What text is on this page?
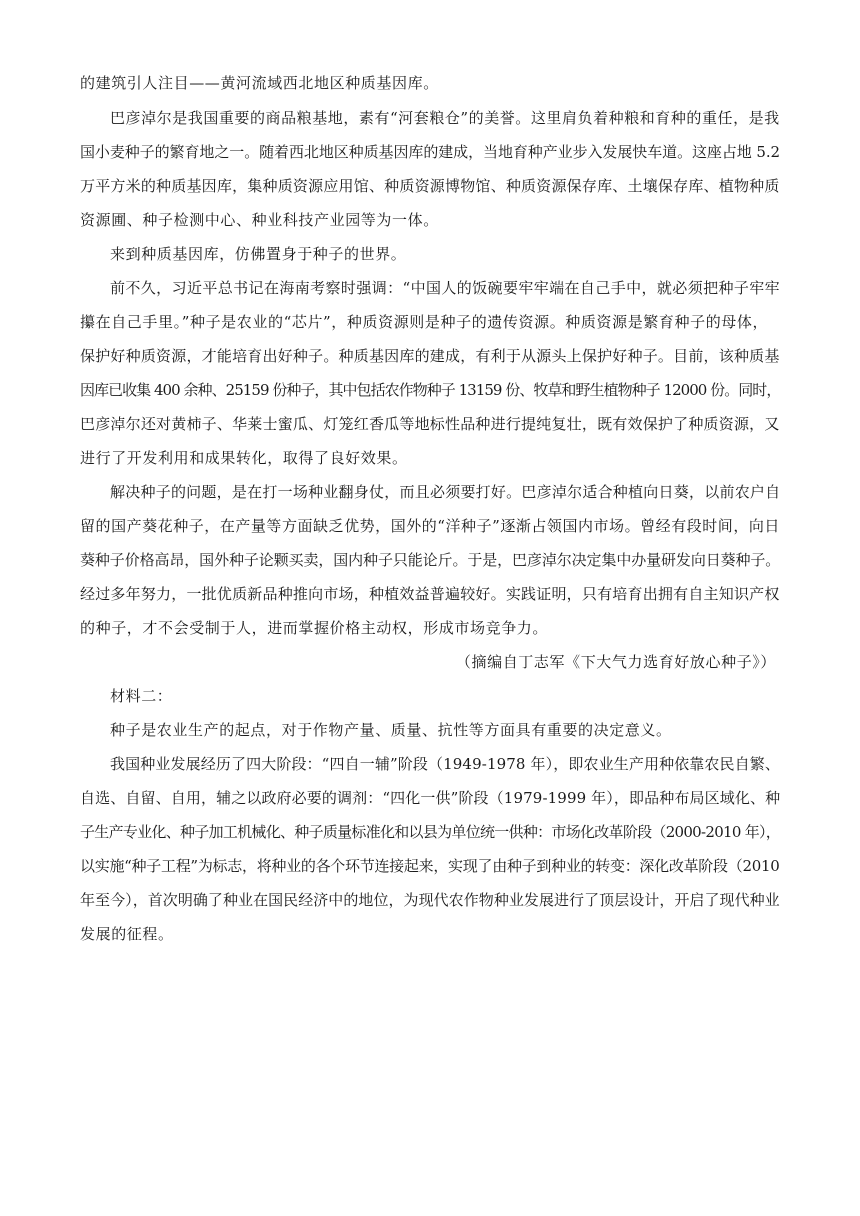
的建筑引人注目——黄河流域西北地区种质基因库。
巴彦淖尔是我国重要的商品粮基地，素有“河套粮仓”的美誉。这里肩负着种粮和育种的重任，是我
国小麦种子的繁育地之一。随着西北地区种质基因库的建成，当地育种产业步入发展快车道。这座占地 5.2
万平方米的种质基因库，集种质资源应用馆、种质资源博物馆、种质资源保存库、土壤保存库、植物种质
资源圃、种子检测中心、种业科技产业园等为一体。
来到种质基因库，仿佛置身于种子的世界。
前不久，习近平总书记在海南考察时强调：“中国人的饭碗要牢牢端在自己手中，就必须把种子牢牢
攥在自己手里。”种子是农业的“芯片”，种质资源则是种子的遗传资源。种质资源是繁育种子的母体，
保护好种质资源，才能培育出好种子。种质基因库的建成，有利于从源头上保护好种子。目前，该种质基
因库已收集 400 余种、25159 份种子，其中包括农作物种子 13159 份、牧草和野生植物种子 12000 份。同时，
巴彦淖尔还对黄柿子、华莱士蜜瓜、灯笼红香瓜等地标性品种进行提纯复壮，既有效保护了种质资源，又
进行了开发利用和成果转化，取得了良好效果。
解决种子的问题，是在打一场种业翻身仗，而且必须要打好。巴彦淖尔适合种植向日葵，以前农户自
留的国产葵花种子，在产量等方面缺乏优势，国外的“洋种子”逐渐占领国内市场。曾经有段时间，向日
葵种子价格高昂，国外种子论颗买卖，国内种子只能论斤。于是，巴彦淖尔决定集中办量研发向日葵种子。
经过多年努力，一批优质新品种推向市场，种植效益普遍较好。实践证明，只有培育出拥有自主知识产权
的种子，才不会受制于人，进而掌握价格主动权，形成市场竞争力。
（摘编自丁志军《下大气力选育好放心种子》）
材料二：
种子是农业生产的起点，对于作物产量、质量、抗性等方面具有重要的决定意义。
我国种业发展经历了四大阶段：“四自一辅”阶段（1949-1978 年），即农业生产用种依靠农民自繁、
自选、自留、自用，辅之以政府必要的调剂：“四化一供”阶段（1979-1999 年），即品种布局区域化、种
子生产专业化、种子加工机械化、种子质量标准化和以县为单位统一供种：市场化改革阶段（2000-2010 年），
以实施“种子工程”为标志，将种业的各个环节连接起来，实现了由种子到种业的转变：深化改革阶段（2010
年至今），首次明确了种业在国民经济中的地位，为现代农作物种业发展进行了顶层设计，开启了现代种业
发展的征程。
